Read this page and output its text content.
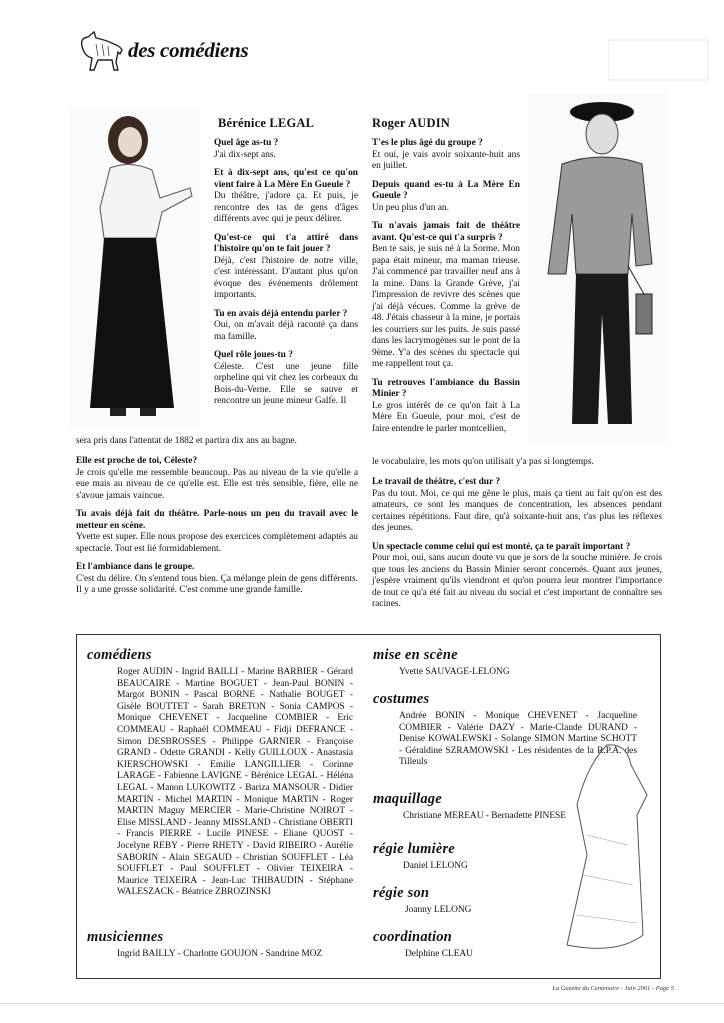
des comédiens
Bérénice LEGAL

Quel âge as-tu ?
J'ai dix-sept ans.

Et à dix-sept ans, qu'est ce qu'on vient faire à La Mère En Gueule ?
Du théâtre, j'adore ça. Et puis, je rencontre des tas de gens d'âges différents avec qui je peux délirer.

Qu'est-ce qui t'a attiré dans l'histoire qu'on te fait jouer ?
Déjà, c'est l'histoire de notre ville, c'est intéressant. D'autant plus qu'on évoque des événements drôlement importants.

Tu en avais déjà entendu parler ?
Oui, on m'avait déjà raconté ça dans ma famille.

Quel rôle joues-tu ?
Céleste. C'est une jeune fille orpheline qui vit chez les corbeaux du Bois-du-Verne. Elle se sauve et rencontre un jeune mineur Galfe. Il

sera pris dans l'attentat de 1882 et partira dix ans au bagne.

Elle est proche de toi, Céleste?
Je crois qu'elle me ressemble beaucoup. Pas au niveau de la vie qu'elle a eue mais au niveau de ce qu'elle est. Elle est très sensible, fière, elle ne s'avoue jamais vaincue.

Tu avais déjà fait du théâtre. Parle-nous un peu du travail avec le metteur en scène.
Yvette est super. Elle nous propose des exercices complètement adaptés au spectacle. Tout est lié formidablement.

Et l'ambiance dans le groupe.
C'est du délire. On s'entend tous bien. Ça mélange plein de gens différents. Il y a une grosse solidarité. C'est comme une grande famille.

Roger AUDIN

T'es le plus âgé du groupe ?
Et oui, je vais avoir soixante-huit ans en juillet.

Depuis quand es-tu à La Mère En Gueule ?
Un peu plus d'un an.

Tu n'avais jamais fait de théâtre avant. Qu'est-ce qui t'a surpris ?
Ben te sais, je suis né à la Sorme. Mon papa était mineur, ma maman trieuse. J'ai commencé par travailler neuf ans à la mine. Dans la Grande Grève, j'ai l'impression de revivre des scènes que j'ai déjà vécues. Comme la grève de 48. J'étais chasseur à la mine, je portais les courriers sur les puits. Je suis passé dans les lacrymogènes sur le pont de la 9ème. Y'a des scènes du spectacle qui me rappellent tout ça.

Tu retrouves l'ambiance du Bassin Minier ?
Le gros intérêt de ce qu'on fait à La Mère En Gueule, pour moi, c'est de faire entendre le parler montcellien,

le vocabulaire, les mots qu'on utilisait y'a pas si longtemps.

Le travail de théâtre, c'est dur ?
Pas du tout. Moi, ce qui me gêne le plus, mais ça tient au fait qu'on est des amateurs, ce sont les manques de concentration, les absences pendant certaines répétitions. Faut dire, qu'à soixante-huit ans, t'as plus les réflexes des jeunes.

Un spectacle comme celui qui est monté, ça te paraît important ?
Pour moi, oui, sans aucun doute vu que je sors de la souche minière. Je crois que tous les anciens du Bassin Minier seront concernés. Quant aux jeunes, j'espère vraiment qu'ils viendront et qu'on pourra leur montrer l'importance de tout ce qu'a été fait au niveau du social et c'est important de connaître ses racines.

comédiens
Roger AUDIN - Ingrid BAILLI - Marine BARBIER - Gérard BEAUCAIRE - Martine BOGUET - Jean-Paul BONIN - Margot BONIN - Pascal BORNE - Nathalie BOUGET - Gisèle BOUTTET - Sarah BRETON - Sonia CAMPOS - Monique CHEVENET - Jacqueline COMBIER - Eric COMMEAU - Raphaël COMMEAU - Fidji DEFRANCE - Simon DESBROSSES - Philippe GARNIER - Françoise GRAND - Odette GRANDI - Kelly GUILLOUX - Anastasia KIERSCHOWSKI - Emilie LANGILLIER - Corinne LARAGE - Fabienne LAVIGNE - Bérénice LEGAL - Héléna LEGAL - Manon LUKOWITZ - Bariza MANSOUR - Didier MARTIN - Michel MARTIN - Monique MARTIN - Roger MARTIN Maguy MERCIER - Marie-Christine NOIROT - Elise MISSLAND - Jeanny MISSLAND - Christiane OBERTI - Francis PIERRE - Lucile PINESE - Eliane QUOST - Jocelyne REBY - Pierre RHETY - David RIBEIRO - Aurélie SABORIN - Alain SEGAUD - Christian SOUFFLET - Léa SOUFFLET - Paul SOUFFLET - Olivier TEIXEIRA - Maurice TEIXEIRA - Jean-Luc THIBAUDIN - Stéphane WALESZACK - Béatrice ZBROZINSKI
musiciennes
Ingrid BAILLY - Charlotte GOUJON - Sandrine MOZ
mise en scène
Yvette SAUVAGE-LELONG
costumes
Andrée BONIN - Monique CHEVENET - Jacqueline COMBIER - Valérie DAZY - Marie-Claude DURAND - Denise KOWALEWSKI - Solange SIMON Martine SCHOTT - Géraldine SZRAMOWSKI - Les résidentes de la R.P.A. des Tilleuls
maquillage
Christiane MEREAU - Bernadette PINESE
régie lumière
Daniel LELONG
régie son
Joanny LELONG
coordination
Delphine CLEAU
La Gazette du Centenaire - Juin 2001 - Page 5
